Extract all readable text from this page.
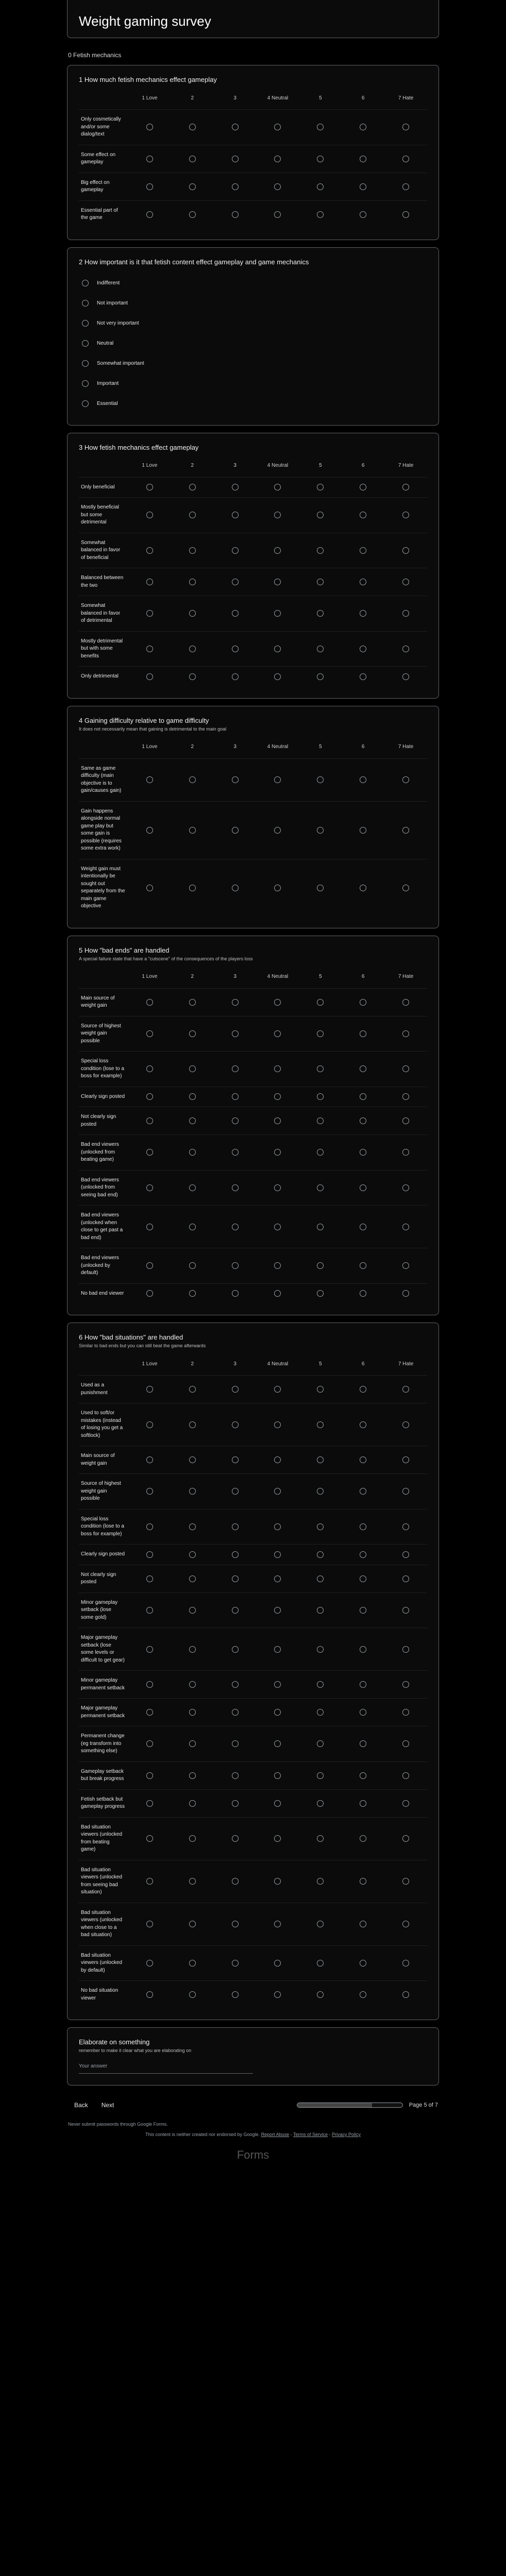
Weight gaming survey
0 Fetish mechanics
1 How much fetish mechanics effect gameplay
1 Love	2	3	4 Neutral	5	6	7 Hate
Only cosmetically and/or some dialog/text
Some effect on gameplay
Big effect on gameplay
Essential part of the game
2 How important is it that fetish content effect gameplay and game mechanics
Indifferent
Not important
Not very important
Neutral
Somewhat important
Important
Essential
3 How fetish mechanics effect gameplay
1 Love	2	3	4 Neutral	5	6	7 Hate
Only beneficial
Mostly beneficial but some detrimental
Somewhat balanced in favor of beneficial
Balanced between the two
Somewhat balanced in favor of detrimental
Mostly detrimental but with some benefits
Only detrimental
4 Gaining difficulty relative to game difficulty
It does not necessarily mean that gaining is detrimental to the main goal
1 Love	2	3	4 Neutral	5	6	7 Hate
Same as game difficulty (main objective is to gain/causes gain)
Gain happens alongside normal game play but some gain is possible (requires some extra work)
Weight gain must intentionally be sought out separately from the main game objective
5 How "bad ends" are handled
A special failure state that have a "cutscene" of the consequences of the players loss
1 Love	2	3	4 Neutral	5	6	7 Hate
Main source of weight gain
Source of highest weight gain possible
Special loss condition (lose to a boss for example)
Clearly sign posted
Not clearly sign posted
Bad end viewers (unlocked from beating game)
Bad end viewers (unlocked from seeing bad end)
Bad end viewers (unlocked when close to get past a bad end)
Bad end viewers (unlocked by default)
No bad end viewer
6 How "bad situations" are handled
Similar to bad ends but you can still beat the game afterwards
1 Love	2	3	4 Neutral	5	6	7 Hate
Used as a punishment
Used to soft/or mistakes (instead of losing you get a softlock)
Main source of weight gain
Source of highest weight gain possible
Special loss condition (lose to a boss for example)
Clearly sign posted
Not clearly sign posted
Minor gameplay setback (lose some gold)
Major gameplay setback (lose some levels or difficult to get gear)
Minor gameplay permanent setback
Major gameplay permanent setback
Permanent change (eg transform into something else)
Gameplay setback but break progress
Fetish setback but gameplay progress
Bad situation viewers (unlocked from beating game)
Bad situation viewers (unlocked from seeing bad situation)
Bad situation viewers (unlocked when close to a bad situation)
Bad situation viewers (unlocked by default)
No bad situation viewer
Elaborate on something
remember to make it clear what you are elaborating on
Your answer
Back	Next	Page 5 of 7
Never submit passwords through Google Forms.
This content is neither created nor endorsed by Google. Report Abuse - Terms of Service - Privacy Policy
Forms
